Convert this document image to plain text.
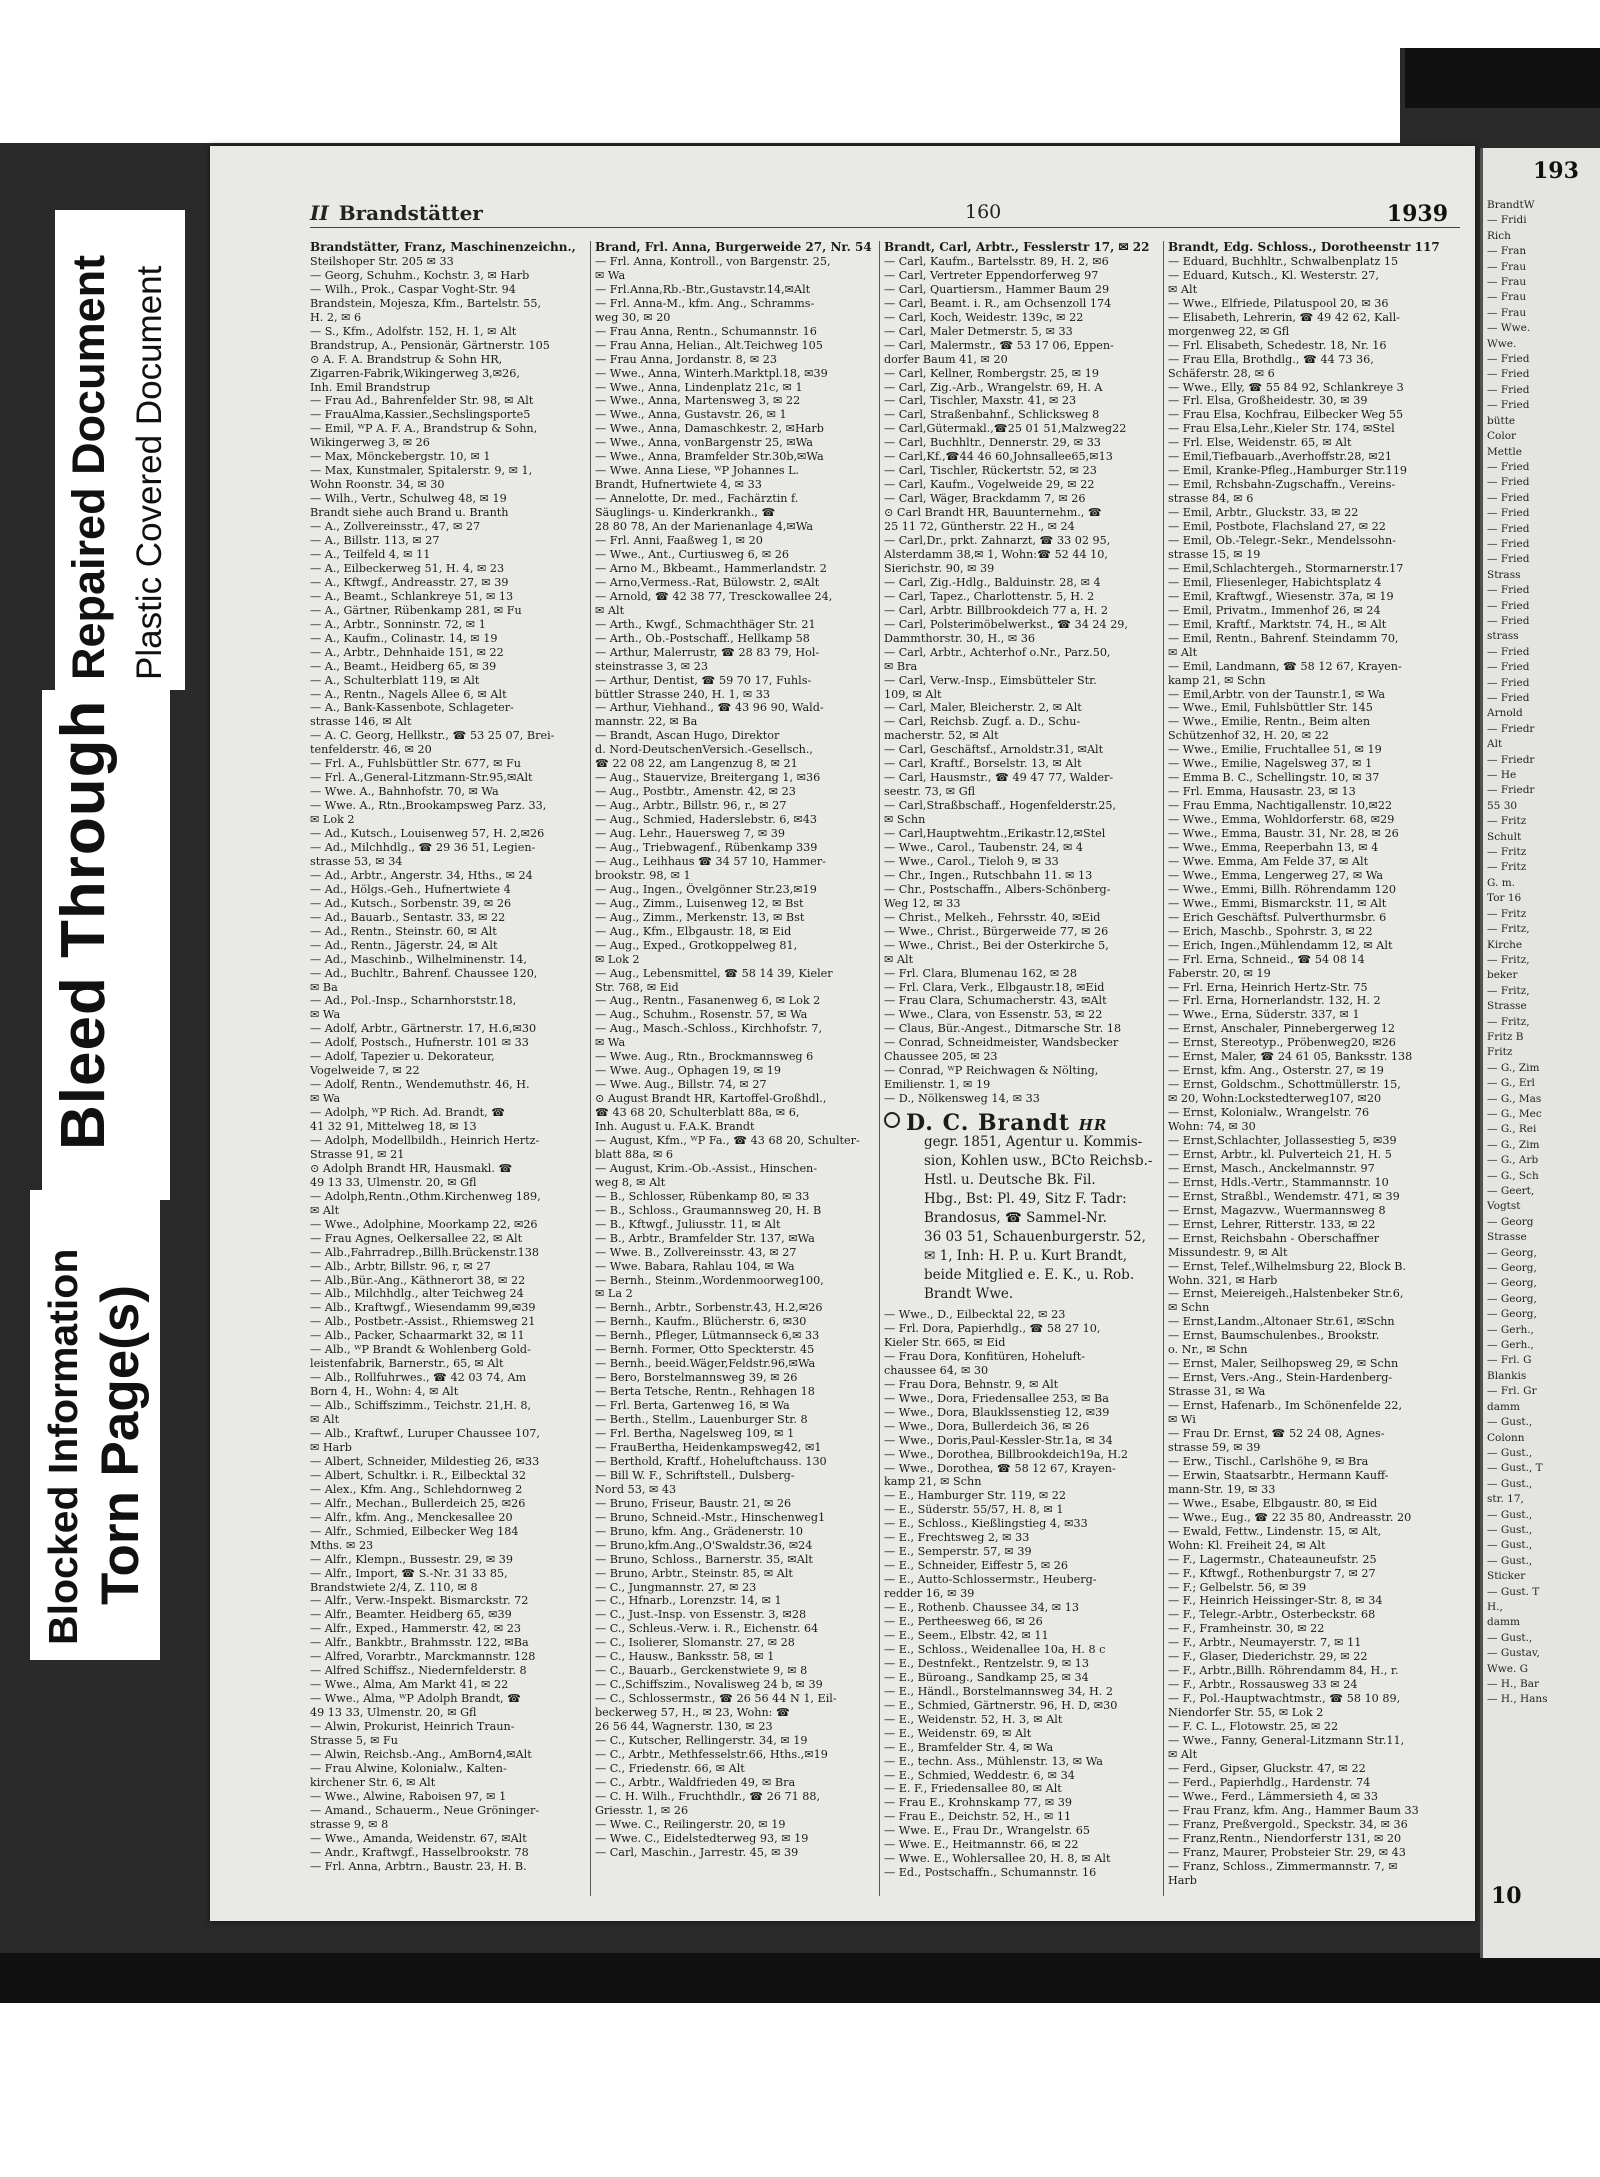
193
BrandtW
— Fridi
Rich
— Fran
— Frau
— Frau
— Frau
— Frau
— Wwe.
Wwe.
— Fried
— Fried
— Fried
— Fried
bütte
Color
Mettle
— Fried
— Fried
— Fried
— Fried
— Fried
— Fried
— Fried
Strass
— Fried
— Fried
— Fried
strass
— Fried
— Fried
— Fried
— Fried
Arnold
— Friedr
Alt
— Friedr
— He
— Friedr
55 30
— Fritz
Schult
— Fritz
— Fritz
G. m.
Tor 16
— Fritz
— Fritz,
Kirche
— Fritz,
beker
— Fritz,
Strasse
— Fritz,
Fritz B
Fritz
— G., Zim
— G., Erl
— G., Mas
— G., Mec
— G., Rei
— G., Zim
— G., Arb
— G., Sch
— Geert,
Vogtst
— Georg
Strasse
— Georg,
— Georg,
— Georg,
— Georg,
— Georg,
— Gerh.,
— Gerh.,
— Frl. G
Blankis
— Frl. Gr
damm
— Gust.,
Colonn
— Gust.,
— Gust., T
— Gust.,
str. 17,
— Gust.,
— Gust.,
— Gust.,
— Gust.,
Sticker
— Gust. T
H.,
damm
— Gust.,
— Gustav,
Wwe. G
— H., Bar
— H., Hans
10
II Brandstätter	160	1939
Brandstätter, Franz, Maschinenzeichn.,
Steilshoper Str. 205 ✉ 33
— Georg, Schuhm., Kochstr. 3, ✉ Harb
— Wilh., Prok., Caspar Voght-Str. 94
Brandstein, Mojesza, Kfm., Bartelstr. 55,
H. 2, ✉ 6
— S., Kfm., Adolfstr. 152, H. 1, ✉ Alt
Brandstrup, A., Pensionär, Gärtnerstr. 105
⊙ A. F. A. Brandstrup & Sohn HR,
Zigarren-Fabrik,Wikingerweg 3,✉26,
Inh. Emil Brandstrup
— Frau Ad., Bahrenfelder Str. 98, ✉ Alt
— FrauAlma,Kassier.,Sechslingsporte5
— Emil, ᵂP A. F. A., Brandstrup & Sohn,
Wikingerweg 3, ✉ 26
— Max, Mönckebergstr. 10, ✉ 1
— Max, Kunstmaler, Spitalerstr. 9, ✉ 1,
Wohn Roonstr. 34, ✉ 30
— Wilh., Vertr., Schulweg 48, ✉ 19
Brandt siehe auch Brand u. Branth
— A., Zollvereinsstr., 47, ✉ 27
— A., Billstr. 113, ✉ 27
— A., Teilfeld 4, ✉ 11
— A., Eilbeckerweg 51, H. 4, ✉ 23
— A., Kftwgf., Andreasstr. 27, ✉ 39
— A., Beamt., Schlankreye 51, ✉ 13
— A., Gärtner, Rübenkamp 281, ✉ Fu
— A., Arbtr., Sonninstr. 72, ✉ 1
— A., Kaufm., Colinastr. 14, ✉ 19
— A., Arbtr., Dehnhaide 151, ✉ 22
— A., Beamt., Heidberg 65, ✉ 39
— A., Schulterblatt 119, ✉ Alt
— A., Rentn., Nagels Allee 6, ✉ Alt
— A., Bank-Kassenbote, Schlageter-
strasse 146, ✉ Alt
— A. C. Georg, Hellkstr., ☎ 53 25 07, Brei-
tenfelderstr. 46, ✉ 20
— Frl. A., Fuhlsbüttler Str. 677, ✉ Fu
— Frl. A.,General-Litzmann-Str.95,✉Alt
— Wwe. A., Bahnhofstr. 70, ✉ Wa
— Wwe. A., Rtn.,Brookampsweg Parz. 33,
✉ Lok 2
— Ad., Kutsch., Louisenweg 57, H. 2,✉26
— Ad., Milchhdlg., ☎ 29 36 51, Legien-
strasse 53, ✉ 34
— Ad., Arbtr., Angerstr. 34, Hths., ✉ 24
— Ad., Hölgs.-Geh., Hufnertwiete 4
— Ad., Kutsch., Sorbenstr. 39, ✉ 26
— Ad., Bauarb., Sentastr. 33, ✉ 22
— Ad., Rentn., Steinstr. 60, ✉ Alt
— Ad., Rentn., Jägerstr. 24, ✉ Alt
— Ad., Maschinb., Wilhelminenstr. 14,
— Ad., Buchltr., Bahrenf. Chaussee 120,
✉ Ba
— Ad., Pol.-Insp., Scharnhorststr.18,
✉ Wa
— Adolf, Arbtr., Gärtnerstr. 17, H.6,✉30
— Adolf, Postsch., Hufnerstr. 101 ✉ 33
— Adolf, Tapezier u. Dekorateur,
Vogelweide 7, ✉ 22
— Adolf, Rentn., Wendemuthstr. 46, H.
✉ Wa
— Adolph, ᵂP Rich. Ad. Brandt, ☎
41 32 91, Mittelweg 18, ✉ 13
— Adolph, Modellbildh., Heinrich Hertz-
Strasse 91, ✉ 21
⊙ Adolph Brandt HR, Hausmakl. ☎
49 13 33, Ulmenstr. 20, ✉ Gfl
— Adolph,Rentn.,Othm.Kirchenweg 189,
✉ Alt
— Wwe., Adolphine, Moorkamp 22, ✉26
— Frau Agnes, Oelkersallee 22, ✉ Alt
— Alb.,Fahrradrep.,Billh.Brückenstr.138
— Alb., Arbtr, Billstr. 96, r, ✉ 27
— Alb.,Bür.-Ang., Käthnerort 38, ✉ 22
— Alb., Milchhdlg., alter Teichweg 24
— Alb., Kraftwgf., Wiesendamm 99,✉39
— Alb., Postbetr.-Assist., Rhiemsweg 21
— Alb., Packer, Schaarmarkt 32, ✉ 11
— Alb., ᵂP Brandt & Wohlenberg Gold-
leistenfabrik, Barnerstr., 65, ✉ Alt
— Alb., Rollfuhrwes., ☎ 42 03 74, Am
Born 4, H., Wohn: 4, ✉ Alt
— Alb., Schiffszimm., Teichstr. 21,H. 8,
✉ Alt
— Alb., Kraftwf., Luruper Chaussee 107,
✉ Harb
— Albert, Schneider, Mildestieg 26, ✉33
— Albert, Schultkr. i. R., Eilbecktal 32
— Alex., Kfm. Ang., Schlehdornweg 2
— Alfr., Mechan., Bullerdeich 25, ✉26
— Alfr., kfm. Ang., Menckesallee 20
— Alfr., Schmied, Eilbecker Weg 184
Mths. ✉ 23
— Alfr., Klempn., Bussestr. 29, ✉ 39
— Alfr., Import, ☎ S.-Nr. 31 33 85,
Brandstwiete 2/4, Z. 110, ✉ 8
— Alfr., Verw.-Inspekt. Bismarckstr. 72
— Alfr., Beamter. Heidberg 65, ✉39
— Alfr., Exped., Hammerstr. 42, ✉ 23
— Alfr., Bankbtr., Brahmsstr. 122, ✉Ba
— Alfred, Vorarbtr., Marckmannstr. 128
— Alfred Schiffsz., Niedernfelderstr. 8
— Wwe., Alma, Am Markt 41, ✉ 22
— Wwe., Alma, ᵂP Adolph Brandt, ☎
49 13 33, Ulmenstr. 20, ✉ Gfl
— Alwin, Prokurist, Heinrich Traun-
Strasse 5, ✉ Fu
— Alwin, Reichsb.-Ang., AmBorn4,✉Alt
— Frau Alwine, Kolonialw., Kalten-
kirchener Str. 6, ✉ Alt
— Wwe., Alwine, Raboisen 97, ✉ 1
— Amand., Schauerm., Neue Gröninger-
strasse 9, ✉ 8
— Wwe., Amanda, Weidenstr. 67, ✉Alt
— Andr., Kraftwgf., Hasselbrookstr. 78
— Frl. Anna, Arbtrn., Baustr. 23, H. B.
Brand, Frl. Anna, Burgerweide 27, Nr. 54
— Frl. Anna, Kontroll., von Bargenstr. 25,
✉ Wa
— Frl.Anna,Rb.-Btr.,Gustavstr.14,✉Alt
— Frl. Anna-M., kfm. Ang., Schramms-
weg 30, ✉ 20
— Frau Anna, Rentn., Schumannstr. 16
— Frau Anna, Helian., Alt.Teichweg 105
— Frau Anna, Jordanstr. 8, ✉ 23
— Wwe., Anna, Winterh.Marktpl.18, ✉39
— Wwe., Anna, Lindenplatz 21c, ✉ 1
— Wwe., Anna, Martensweg 3, ✉ 22
— Wwe., Anna, Gustavstr. 26, ✉ 1
— Wwe., Anna, Damaschkestr. 2, ✉Harb
— Wwe., Anna, vonBargenstr 25, ✉Wa
— Wwe., Anna, Bramfelder Str.30b,✉Wa
— Wwe. Anna Liese, ᵂP Johannes L.
Brandt, Hufnertwiete 4, ✉ 33
— Annelotte, Dr. med., Fachärztin f.
Säuglings- u. Kinderkrankh., ☎
28 80 78, An der Marienanlage 4,✉Wa
— Frl. Anni, Faaßweg 1, ✉ 20
— Wwe., Ant., Curtiusweg 6, ✉ 26
— Arno M., Bkbeamt., Hammerlandstr. 2
— Arno,Vermess.-Rat, Bülowstr. 2, ✉Alt
— Arnold, ☎ 42 38 77, Tresckowallee 24,
✉ Alt
— Arth., Kwgf., Schmachthäger Str. 21
— Arth., Ob.-Postschaff., Hellkamp 58
— Arthur, Malerrustr, ☎ 28 83 79, Hol-
steinstrasse 3, ✉ 23
— Arthur, Dentist, ☎ 59 70 17, Fuhls-
büttler Strasse 240, H. 1, ✉ 33
— Arthur, Viehhand., ☎ 43 96 90, Wald-
mannstr. 22, ✉ Ba
— Brandt, Ascan Hugo, Direktor
d. Nord-DeutschenVersich.-Gesellsch.,
☎ 22 08 22, am Langenzug 8, ✉ 21
— Aug., Stauervize, Breitergang 1, ✉36
— Aug., Postbtr., Amenstr. 42, ✉ 23
— Aug., Arbtr., Billstr. 96, r., ✉ 27
— Aug., Schmied, Haderslebstr. 6, ✉43
— Aug. Lehr., Hauersweg 7, ✉ 39
— Aug., Triebwagenf., Rübenkamp 339
— Aug., Leihhaus ☎ 34 57 10, Hammer-
brookstr. 98, ✉ 1
— Aug., Ingen., Övelgönner Str.23,✉19
— Aug., Zimm., Luisenweg 12, ✉ Bst
— Aug., Zimm., Merkenstr. 13, ✉ Bst
— Aug., Kfm., Elbgaustr. 18, ✉ Eid
— Aug., Exped., Grotkoppelweg 81,
✉ Lok 2
— Aug., Lebensmittel, ☎ 58 14 39, Kieler
Str. 768, ✉ Eid
— Aug., Rentn., Fasanenweg 6, ✉ Lok 2
— Aug., Schuhm., Rosenstr. 57, ✉ Wa
— Aug., Masch.-Schloss., Kirchhofstr. 7,
✉ Wa
— Wwe. Aug., Rtn., Brockmannsweg 6
— Wwe. Aug., Ophagen 19, ✉ 19
— Wwe. Aug., Billstr. 74, ✉ 27
⊙ August Brandt HR, Kartoffel-Großhdl.,
☎ 43 68 20, Schulterblatt 88a, ✉ 6,
Inh. August u. F.A.K. Brandt
— August, Kfm., ᵂP Fa., ☎ 43 68 20, Schulter-
blatt 88a, ✉ 6
— August, Krim.-Ob.-Assist., Hinschen-
weg 8, ✉ Alt
— B., Schlosser, Rübenkamp 80, ✉ 33
— B., Schloss., Graumannsweg 20, H. B
— B., Kftwgf., Juliusstr. 11, ✉ Alt
— B., Arbtr., Bramfelder Str. 137, ✉Wa
— Wwe. B., Zollvereinsstr. 43, ✉ 27
— Wwe. Babara, Rahlau 104, ✉ Wa
— Bernh., Steinm.,Wordenmoorweg100,
✉ La 2
— Bernh., Arbtr., Sorbenstr.43, H.2,✉26
— Bernh., Kaufm., Blücherstr. 6, ✉30
— Bernh., Pfleger, Lütmannseck 6,✉ 33
— Bernh. Former, Otto Speckterstr. 45
— Bernh., beeid.Wäger,Feldstr.96,✉Wa
— Bero, Borstelmannsweg 39, ✉ 26
— Berta Tetsche, Rentn., Rehhagen 18
— Frl. Berta, Gartenweg 16, ✉ Wa
— Berth., Stellm., Lauenburger Str. 8
— Frl. Bertha, Nagelsweg 109, ✉ 1
— FrauBertha, Heidenkampsweg42, ✉1
— Berthold, Kraftf., Hoheluftchauss. 130
— Bill W. F., Schriftstell., Dulsberg-
Nord 53, ✉ 43
— Bruno, Friseur, Baustr. 21, ✉ 26
— Bruno, Schneid.-Mstr., Hinschenweg1
— Bruno, kfm. Ang., Grädenerstr. 10
— Bruno,kfm.Ang.,O'Swaldstr.36, ✉24
— Bruno, Schloss., Barnerstr. 35, ✉Alt
— Bruno, Arbtr., Steinstr. 85, ✉ Alt
— C., Jungmannstr. 27, ✉ 23
— C., Hfnarb., Lorenzstr. 14, ✉ 1
— C., Just.-Insp. von Essenstr. 3, ✉28
— C., Schleus.-Verw. i. R., Eichenstr. 64
— C., Isolierer, Slomanstr. 27, ✉ 28
— C., Hausw., Banksstr. 58, ✉ 1
— C., Bauarb., Gerckenstwiete 9, ✉ 8
— C.,Schiffszim., Novalisweg 24 b, ✉ 39
— C., Schlossermstr., ☎ 26 56 44 N 1, Eil-
beckerweg 57, H., ✉ 23, Wohn: ☎
26 56 44, Wagnerstr. 130, ✉ 23
— C., Kutscher, Rellingerstr. 34, ✉ 19
— C., Arbtr., Methfesselstr.66, Hths.,✉19
— C., Friedenstr. 66, ✉ Alt
— C., Arbtr., Waldfrieden 49, ✉ Bra
— C. H. Wilh., Fruchthdlr., ☎ 26 71 88,
Griesstr. 1, ✉ 26
— Wwe. C., Reilingerstr. 20, ✉ 19
— Wwe. C., Eidelstedterweg 93, ✉ 19
— Carl, Maschin., Jarrestr. 45, ✉ 39
Brandt, Carl, Arbtr., Fesslerstr 17, ✉ 22
— Carl, Kaufm., Bartelsstr. 89, H. 2, ✉6
— Carl, Vertreter Eppendorferweg 97
— Carl, Quartiersm., Hammer Baum 29
— Carl, Beamt. i. R., am Ochsenzoll 174
— Carl, Koch, Weidestr. 139c, ✉ 22
— Carl, Maler Detmerstr. 5, ✉ 33
— Carl, Malermstr., ☎ 53 17 06, Eppen-
dorfer Baum 41, ✉ 20
— Carl, Kellner, Rombergstr. 25, ✉ 19
— Carl, Zig.-Arb., Wrangelstr. 69, H. A
— Carl, Tischler, Maxstr. 41, ✉ 23
— Carl, Straßenbahnf., Schlicksweg 8
— Carl,Gütermakl.,☎25 01 51,Malzweg22
— Carl, Buchhltr., Dennerstr. 29, ✉ 33
— Carl,Kf.,☎44 46 60,Johnsallee65,✉13
— Carl, Tischler, Rückertstr. 52, ✉ 23
— Carl, Kaufm., Vogelweide 29, ✉ 22
— Carl, Wäger, Brackdamm 7, ✉ 26
⊙ Carl Brandt HR, Bauunternehm., ☎
25 11 72, Güntherstr. 22 H., ✉ 24
— Carl,Dr., prkt. Zahnarzt, ☎ 33 02 95,
Alsterdamm 38,✉ 1, Wohn:☎ 52 44 10,
Sierichstr. 90, ✉ 39
— Carl, Zig.-Hdlg., Balduinstr. 28, ✉ 4
— Carl, Tapez., Charlottenstr. 5, H. 2
— Carl, Arbtr. Billbrookdeich 77 a, H. 2
— Carl, Polsterimöbelwerkst., ☎ 34 24 29,
Dammthorstr. 30, H., ✉ 36
— Carl, Arbtr., Achterhof o.Nr., Parz.50,
✉ Bra
— Carl, Verw.-Insp., Eimsbütteler Str.
109, ✉ Alt
— Carl, Maler, Bleicherstr. 2, ✉ Alt
— Carl, Reichsb. Zugf. a. D., Schu-
macherstr. 52, ✉ Alt
— Carl, Geschäftsf., Arnoldstr.31, ✉Alt
— Carl, Kraftf., Borselstr. 13, ✉ Alt
— Carl, Hausmstr., ☎ 49 47 77, Walder-
seestr. 73, ✉ Gfl
— Carl,Straßbschaff., Hogenfelderstr.25,
✉ Schn
— Carl,Hauptwehtm.,Erikastr.12,✉Stel
— Wwe., Carol., Taubenstr. 24, ✉ 4
— Wwe., Carol., Tieloh 9, ✉ 33
— Chr., Ingen., Rutschbahn 11. ✉ 13
— Chr., Postschaffn., Albers-Schönberg-
Weg 12, ✉ 33
— Christ., Melkeh., Fehrsstr. 40, ✉Eid
— Wwe., Christ., Bürgerweide 77, ✉ 26
— Wwe., Christ., Bei der Osterkirche 5,
✉ Alt
— Frl. Clara, Blumenau 162, ✉ 28
— Frl. Clara, Verk., Elbgaustr.18, ✉Eid
— Frau Clara, Schumacherstr. 43, ✉Alt
— Wwe., Clara, von Essenstr. 53, ✉ 22
— Claus, Bür.-Angest., Ditmarsche Str. 18
— Conrad, Schneidmeister, Wandsbecker
Chaussee 205, ✉ 23
— Conrad, ᵂP Reichwagen & Nölting,
Emilienstr. 1, ✉ 19
— D., Nölkensweg 14, ✉ 33
D. C. Brandt HR
gegr. 1851, Agentur u. Kommis-
sion, Kohlen usw., BCto Reichsb.-
Hstl. u. Deutsche Bk. Fil.
Hbg., Bst: Pl. 49, Sitz F. Tadr:
Brandosus, ☎ Sammel-Nr.
36 03 51, Schauenburgerstr. 52,
✉ 1, Inh: H. P. u. Kurt Brandt,
beide Mitglied e. E. K., u. Rob.
Brandt Wwe.
— Wwe., D., Eilbecktal 22, ✉ 23
— Frl. Dora, Papierhdlg., ☎ 58 27 10,
Kieler Str. 665, ✉ Eid
— Frau Dora, Konfitüren, Hoheluft-
chaussee 64, ✉ 30
— Frau Dora, Behnstr. 9, ✉ Alt
— Wwe., Dora, Friedensallee 253, ✉ Ba
— Wwe., Dora, Blauklssenstieg 12, ✉39
— Wwe., Dora, Bullerdeich 36, ✉ 26
— Wwe., Doris,Paul-Kessler-Str.1a, ✉ 34
— Wwe., Dorothea, Billbrookdeich19a, H.2
— Wwe., Dorothea, ☎ 58 12 67, Krayen-
kamp 21, ✉ Schn
— E., Hamburger Str. 119, ✉ 22
— E., Süderstr. 55/57, H. 8, ✉ 1
— E., Schloss., Kießlingstieg 4, ✉33
— E., Frechtsweg 2, ✉ 33
— E., Semperstr. 57, ✉ 39
— E., Schneider, Eiffestr 5, ✉ 26
— E., Autto-Schlossermstr., Heuberg-
redder 16, ✉ 39
— E., Rothenb. Chaussee 34, ✉ 13
— E., Pertheesweg 66, ✉ 26
— E., Seem., Elbstr. 42, ✉ 11
— E., Schloss., Weidenallee 10a, H. 8 c
— E., Destnfekt., Rentzelstr. 9, ✉ 13
— E., Büroang., Sandkamp 25, ✉ 34
— E., Händl., Borstelmannsweg 34, H. 2
— E., Schmied, Gärtnerstr. 96, H. D, ✉30
— E., Weidenstr. 52, H. 3, ✉ Alt
— E., Weidenstr. 69, ✉ Alt
— E., Bramfelder Str. 4, ✉ Wa
— E., techn. Ass., Mühlenstr. 13, ✉ Wa
— E., Schmied, Weddestr. 6, ✉ 34
— E. F., Friedensallee 80, ✉ Alt
— Frau E., Krohnskamp 77, ✉ 39
— Frau E., Deichstr. 52, H., ✉ 11
— Wwe. E., Frau Dr., Wrangelstr. 65
— Wwe. E., Heitmannstr. 66, ✉ 22
— Wwe. E., Wohlersallee 20, H. 8, ✉ Alt
— Ed., Postschaffn., Schumannstr. 16
Brandt, Edg. Schloss., Dorotheenstr 117
— Eduard, Buchhltr., Schwalbenplatz 15
— Eduard, Kutsch., Kl. Westerstr. 27,
✉ Alt
— Wwe., Elfriede, Pilatuspool 20, ✉ 36
— Elisabeth, Lehrerin, ☎ 49 42 62, Kall-
morgenweg 22, ✉ Gfl
— Frl. Elisabeth, Schedestr. 18, Nr. 16
— Frau Ella, Brothdlg., ☎ 44 73 36,
Schäferstr. 28, ✉ 6
— Wwe., Elly, ☎ 55 84 92, Schlankreye 3
— Frl. Elsa, Großheidestr. 30, ✉ 39
— Frau Elsa, Kochfrau, Eilbecker Weg 55
— Frau Elsa,Lehr.,Kieler Str. 174, ✉Stel
— Frl. Else, Weidenstr. 65, ✉ Alt
— Emil,Tiefbauarb.,Averhoffstr.28, ✉21
— Emil, Kranke-Pfleg.,Hamburger Str.119
— Emil, Rchsbahn-Zugschaffn., Vereins-
strasse 84, ✉ 6
— Emil, Arbtr., Gluckstr. 33, ✉ 22
— Emil, Postbote, Flachsland 27, ✉ 22
— Emil, Ob.-Telegr.-Sekr., Mendelssohn-
strasse 15, ✉ 19
— Emil,Schlachtergeh., Stormarnerstr.17
— Emil, Fliesenleger, Habichtsplatz 4
— Emil, Kraftwgf., Wiesenstr. 37a, ✉ 19
— Emil, Privatm., Immenhof 26, ✉ 24
— Emil, Kraftf., Marktstr. 74, H., ✉ Alt
— Emil, Rentn., Bahrenf. Steindamm 70,
✉ Alt
— Emil, Landmann, ☎ 58 12 67, Krayen-
kamp 21, ✉ Schn
— Emil,Arbtr. von der Taunstr.1, ✉ Wa
— Wwe., Emil, Fuhlsbüttler Str. 145
— Wwe., Emilie, Rentn., Beim alten
Schützenhof 32, H. 20, ✉ 22
— Wwe., Emilie, Fruchtallee 51, ✉ 19
— Wwe., Emilie, Nagelsweg 37, ✉ 1
— Emma B. C., Schellingstr. 10, ✉ 37
— Frl. Emma, Hausastr. 23, ✉ 13
— Frau Emma, Nachtigallenstr. 10,✉22
— Wwe., Emma, Wohldorferstr. 68, ✉29
— Wwe., Emma, Baustr. 31, Nr. 28, ✉ 26
— Wwe., Emma, Reeperbahn 13, ✉ 4
— Wwe. Emma, Am Felde 37, ✉ Alt
— Wwe., Emma, Lengerweg 27, ✉ Wa
— Wwe., Emmi, Billh. Röhrendamm 120
— Wwe., Emmi, Bismarckstr. 11, ✉ Alt
— Erich Geschäftsf. Pulverthurmsbr. 6
— Erich, Maschb., Spohrstr. 3, ✉ 22
— Erich, Ingen.,Mühlendamm 12, ✉ Alt
— Frl. Erna, Schneid., ☎ 54 08 14
Faberstr. 20, ✉ 19
— Frl. Erna, Heinrich Hertz-Str. 75
— Frl. Erna, Hornerlandstr. 132, H. 2
— Wwe., Erna, Süderstr. 337, ✉ 1
— Ernst, Anschaler, Pinnebergerweg 12
— Ernst, Stereotyp., Pröbenweg20, ✉26
— Ernst, Maler, ☎ 24 61 05, Banksstr. 138
— Ernst, kfm. Ang., Osterstr. 27, ✉ 19
— Ernst, Goldschm., Schottmüllerstr. 15,
✉ 20, Wohn:Lockstedterweg107, ✉20
— Ernst, Kolonialw., Wrangelstr. 76
Wohn: 74, ✉ 30
— Ernst,Schlachter, Jollassestieg 5, ✉39
— Ernst, Arbtr., kl. Pulverteich 21, H. 5
— Ernst, Masch., Anckelmannstr. 97
— Ernst, Hdls.-Vertr., Stammannstr. 10
— Ernst, Straßbl., Wendemstr. 471, ✉ 39
— Ernst, Magazvw., Wuermannsweg 8
— Ernst, Lehrer, Ritterstr. 133, ✉ 22
— Ernst, Reichsbahn - Oberschaffner
Missundestr. 9, ✉ Alt
— Ernst, Telef.,Wilhelmsburg 22, Block B.
Wohn. 321, ✉ Harb
— Ernst, Meiereigeh.,Halstenbeker Str.6,
✉ Schn
— Ernst,Landm.,Altonaer Str.61, ✉Schn
— Ernst, Baumschulenbes., Brookstr.
o. Nr., ✉ Schn
— Ernst, Maler, Seilhopsweg 29, ✉ Schn
— Ernst, Vers.-Ang., Stein-Hardenberg-
Strasse 31, ✉ Wa
— Ernst, Hafenarb., Im Schönenfelde 22,
✉ Wi
— Frau Dr. Ernst, ☎ 52 24 08, Agnes-
strasse 59, ✉ 39
— Erw., Tischl., Carlshöhe 9, ✉ Bra
— Erwin, Staatsarbtr., Hermann Kauff-
mann-Str. 19, ✉ 33
— Wwe., Esabe, Elbgaustr. 80, ✉ Eid
— Wwe., Eug., ☎ 22 35 80, Andreasstr. 20
— Ewald, Fettw., Lindenstr. 15, ✉ Alt,
Wohn: Kl. Freiheit 24, ✉ Alt
— F., Lagermstr., Chateauneufstr. 25
— F., Kftwgf., Rothenburgstr 7, ✉ 27
— F.; Gelbelstr. 56, ✉ 39
— F., Heinrich Heissinger-Str. 8, ✉ 34
— F., Telegr.-Arbtr., Osterbeckstr. 68
— F., Framheinstr. 30, ✉ 22
— F., Arbtr., Neumayerstr. 7, ✉ 11
— F., Glaser, Diederichstr. 29, ✉ 22
— F., Arbtr.,Billh. Röhrendamm 84, H., r.
— F., Arbtr., Rossausweg 33 ✉ 24
— F., Pol.-Hauptwachtmstr., ☎ 58 10 89,
Niendorfer Str. 55, ✉ Lok 2
— F. C. L., Flotowstr. 25, ✉ 22
— Wwe., Fanny, General-Litzmann Str.11,
✉ Alt
— Ferd., Gipser, Gluckstr. 47, ✉ 22
— Ferd., Papierhdlg., Hardenstr. 74
— Wwe., Ferd., Lämmersieth 4, ✉ 33
— Frau Franz, kfm. Ang., Hammer Baum 33
— Franz, Preßvergold., Speckstr. 34, ✉ 36
— Franz,Rentn., Niendorferstr 131, ✉ 20
— Franz, Maurer, Probsteier Str. 29, ✉ 43
— Franz, Schloss., Zimmermannstr. 7, ✉
Harb
Repaired Document Plastic Covered Document
Bleed Through
Blocked Information Torn Page(s)
